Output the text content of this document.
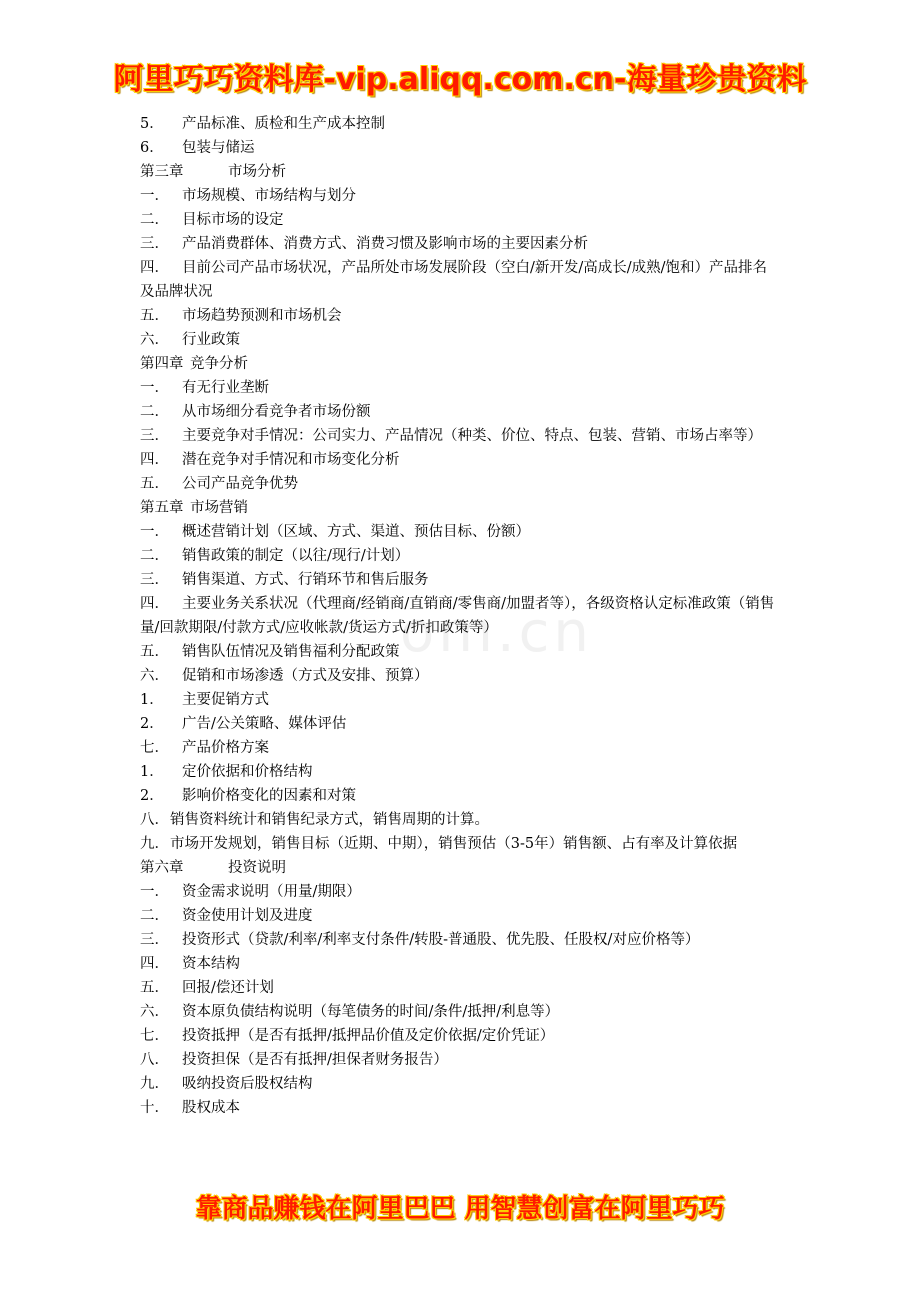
阿里巧巧资料库-vip.aliqq.com.cn-海量珍贵资料
om.cn
5． 产品标准、质检和生产成本控制
6． 包装与储运
第三章	市场分析
一． 市场规模、市场结构与划分
二． 目标市场的设定
三． 产品消费群体、消费方式、消费习惯及影响市场的主要因素分析
四． 目前公司产品市场状况，产品所处市场发展阶段（空白/新开发/高成长/成熟/饱和）产品排名及品牌状况
五． 市场趋势预测和市场机会
六． 行业政策
第四章 竞争分析
一． 有无行业垄断
二． 从市场细分看竞争者市场份额
三． 主要竞争对手情况：公司实力、产品情况（种类、价位、特点、包装、营销、市场占率等）
四． 潜在竞争对手情况和市场变化分析
五． 公司产品竞争优势
第五章 市场营销
一． 概述营销计划（区域、方式、渠道、预估目标、份额）
二． 销售政策的制定（以往/现行/计划）
三． 销售渠道、方式、行销环节和售后服务
四． 主要业务关系状况（代理商/经销商/直销商/零售商/加盟者等），各级资格认定标准政策（销售量/回款期限/付款方式/应收帐款/货运方式/折扣政策等）
五． 销售队伍情况及销售福利分配政策
六． 促销和市场渗透（方式及安排、预算）
1． 主要促销方式
2． 广告/公关策略、媒体评估
七． 产品价格方案
1． 定价依据和价格结构
2． 影响价格变化的因素和对策
八．销售资料统计和销售纪录方式，销售周期的计算。
九．市场开发规划，销售目标（近期、中期），销售预估（3-5年）销售额、占有率及计算依据
第六章	投资说明
一． 资金需求说明（用量/期限）
二． 资金使用计划及进度
三． 投资形式（贷款/利率/利率支付条件/转股-普通股、优先股、任股权/对应价格等）
四． 资本结构
五． 回报/偿还计划
六． 资本原负债结构说明（每笔债务的时间/条件/抵押/利息等）
七． 投资抵押（是否有抵押/抵押品价值及定价依据/定价凭证）
八． 投资担保（是否有抵押/担保者财务报告）
九． 吸纳投资后股权结构
十． 股权成本
靠商品赚钱在阿里巴巴 用智慧创富在阿里巧巧
